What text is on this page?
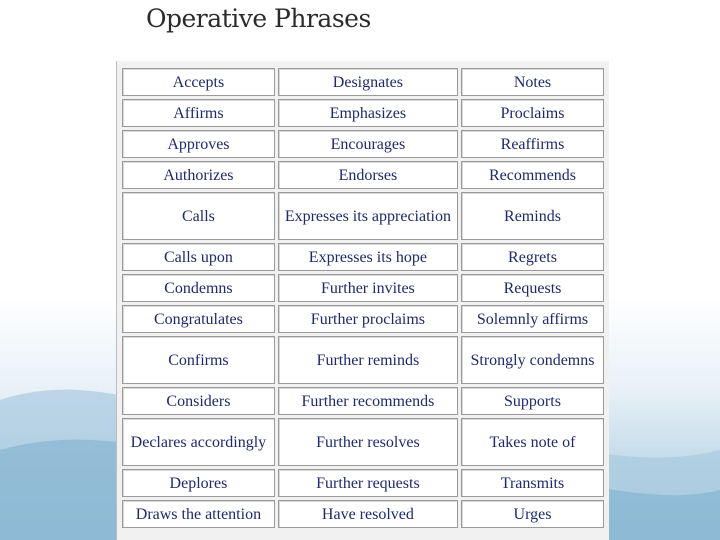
Operative Phrases
Accepts	Designates	Notes
Affirms	Emphasizes	Proclaims
Approves	Encourages	Reaffirms
Authorizes	Endorses	Recommends
Calls	Expresses its appreciation	Reminds
Calls upon	Expresses its hope	Regrets
Condemns	Further invites	Requests
Congratulates	Further proclaims	Solemnly affirms
Confirms	Further reminds	Strongly condemns
Considers	Further recommends	Supports
Declares accordingly	Further resolves	Takes note of
Deplores	Further requests	Transmits
Draws the attention	Have resolved	Urges
